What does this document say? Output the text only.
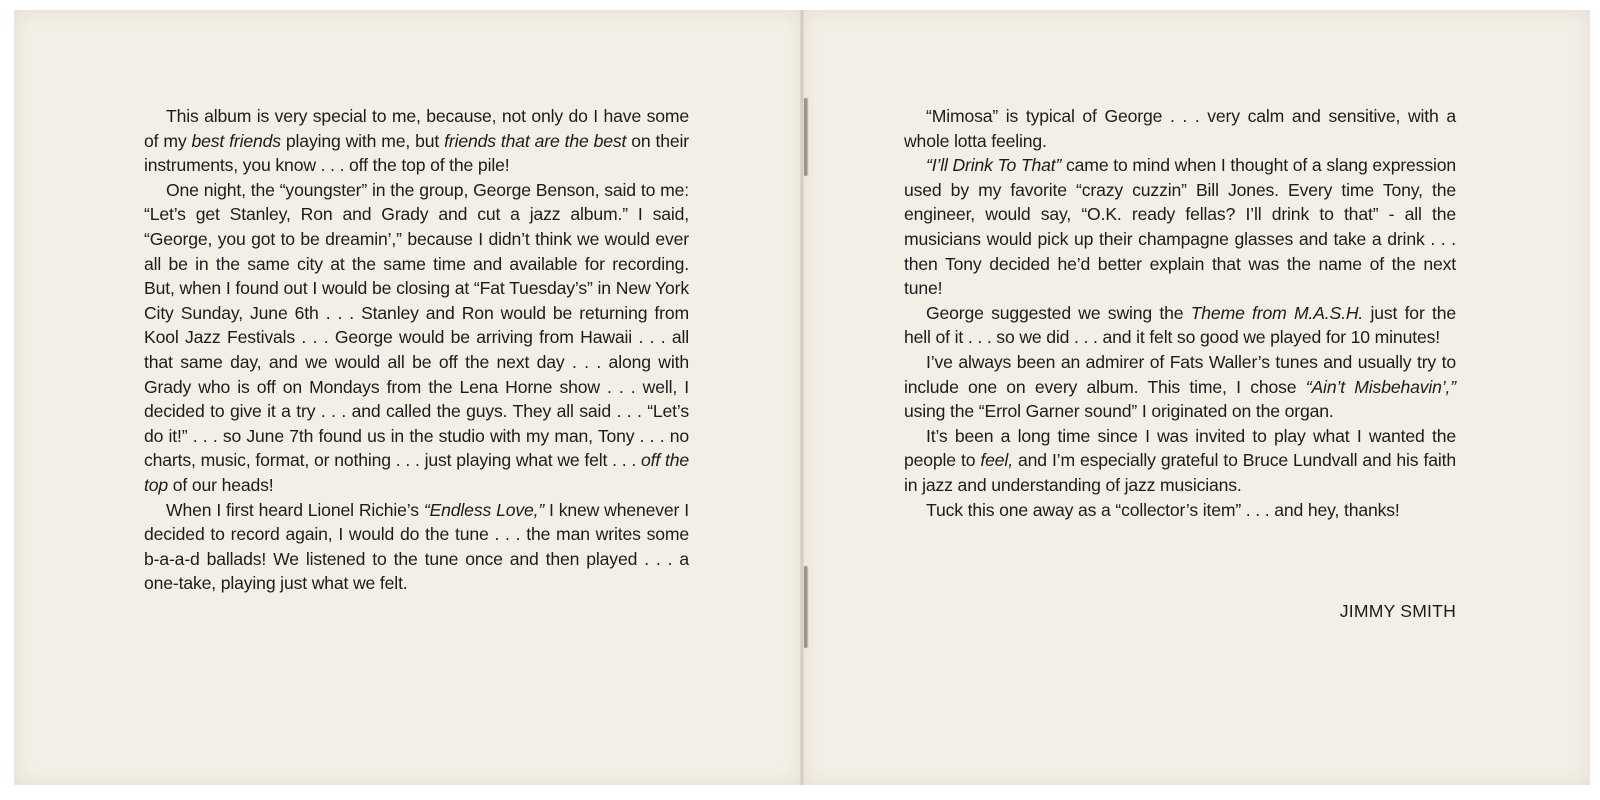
This album is very special to me, because, not only do I have some of my best friends playing with me, but friends that are the best on their instruments, you know . . . off the top of the pile!

One night, the “youngster” in the group, George Benson, said to me: “Let’s get Stanley, Ron and Grady and cut a jazz album.” I said, “George, you got to be dreamin’,” because I didn’t think we would ever all be in the same city at the same time and available for recording. But, when I found out I would be closing at “Fat Tuesday’s” in New York City Sunday, June 6th . . . Stanley and Ron would be returning from Kool Jazz Festivals . . . George would be arriving from Hawaii . . . all that same day, and we would all be off the next day . . . along with Grady who is off on Mondays from the Lena Horne show . . . well, I decided to give it a try . . . and called the guys. They all said . . . “Let’s do it!” . . . so June 7th found us in the studio with my man, Tony . . . no charts, music, format, or nothing . . . just playing what we felt . . . off the top of our heads!

When I first heard Lionel Richie’s “Endless Love,” I knew whenever I decided to record again, I would do the tune . . . the man writes some b-a-a-d ballads! We listened to the tune once and then played . . . a one-take, playing just what we felt.

“Mimosa” is typical of George . . . very calm and sensitive, with a whole lotta feeling.

“I’ll Drink To That” came to mind when I thought of a slang expression used by my favorite “crazy cuzzin” Bill Jones. Every time Tony, the engineer, would say, “O.K. ready fellas? I’ll drink to that” - all the musicians would pick up their champagne glasses and take a drink . . . then Tony decided he’d better explain that was the name of the next tune!

George suggested we swing the Theme from M.A.S.H. just for the hell of it . . . so we did . . . and it felt so good we played for 10 minutes!

I’ve always been an admirer of Fats Waller’s tunes and usually try to include one on every album. This time, I chose “Ain’t Misbehavin’,” using the “Errol Garner sound” I originated on the organ.

It’s been a long time since I was invited to play what I wanted the people to feel, and I’m especially grateful to Bruce Lundvall and his faith in jazz and understanding of jazz musicians.

Tuck this one away as a “collector’s item” . . . and hey, thanks!

JIMMY SMITH
